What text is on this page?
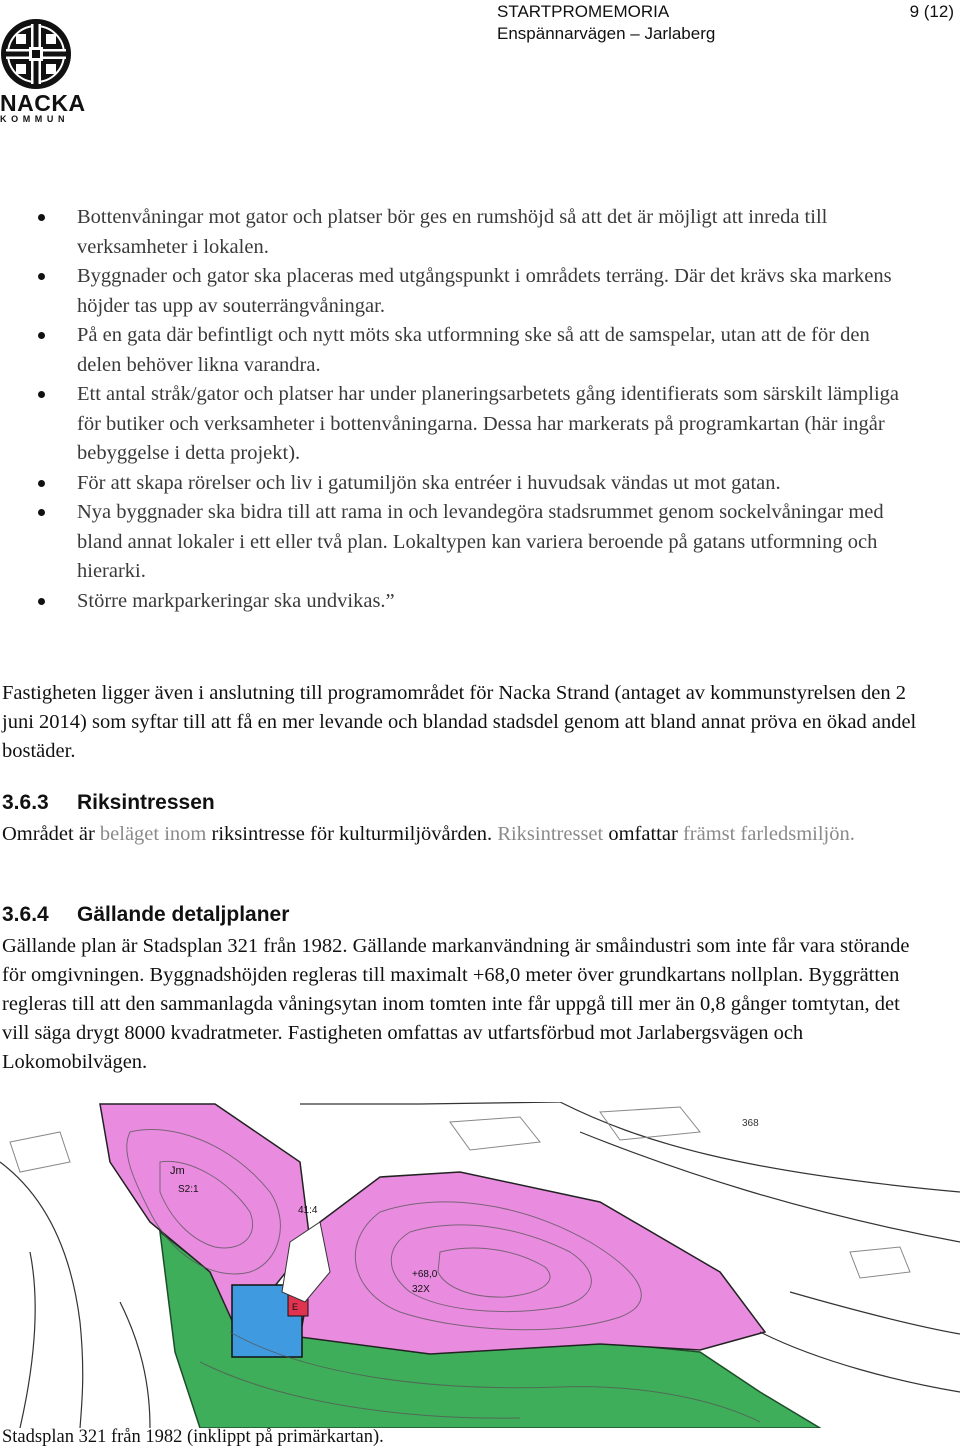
NACKA
KOMMUN
STARTPROMEMORIA	9 (12)
Enspännarvägen – Jarlaberg
Bottenvåningar mot gator och platser bör ges en rumshöjd så att det är möjligt att inreda till verksamheter i lokalen.
Byggnader och gator ska placeras med utgångspunkt i områdets terräng. Där det krävs ska markens höjder tas upp av souterrängvåningar.
På en gata där befintligt och nytt möts ska utformning ske så att de samspelar, utan att de för den delen behöver likna varandra.
Ett antal stråk/gator och platser har under planeringsarbetets gång identifierats som särskilt lämpliga för butiker och verksamheter i bottenvåningarna. Dessa har markerats på programkartan (här ingår bebyggelse i detta projekt).
För att skapa rörelser och liv i gatumiljön ska entréer i huvudsak vändas ut mot gatan.
Nya byggnader ska bidra till att rama in och levandegöra stadsrummet genom sockelvåningar med bland annat lokaler i ett eller två plan. Lokaltypen kan variera beroende på gatans utformning och hierarki.
Större markparkeringar ska undvikas.”

Fastigheten ligger även i anslutning till programområdet för Nacka Strand (antaget av kommunstyrelsen den 2 juni 2014) som syftar till att få en mer levande och blandad stadsdel genom att bland annat pröva en ökad andel bostäder.

3.6.3 Riksintressen

Området är beläget inom riksintresse för kulturmiljövården. Riksintresset omfattar främst farledsmiljön.

3.6.4 Gällande detaljplaner

Gällande plan är Stadsplan 321 från 1982. Gällande markanvändning är småindustri som inte får vara störande för omgivningen. Byggnadshöjden regleras till maximalt +68,0 meter över grundkartans nollplan. Byggrätten regleras till att den sammanlagda våningsytan inom tomten inte får uppgå till mer än 0,8 gånger tomtytan, det vill säga drygt 8000 kvadratmeter. Fastigheten omfattas av utfartsförbud mot Jarlabergsvägen och Lokomobilvägen.

368
Jm
S2:1
41:4
+68,0
32X
E
Stadsplan 321 från 1982 (inklippt på primärkartan).
